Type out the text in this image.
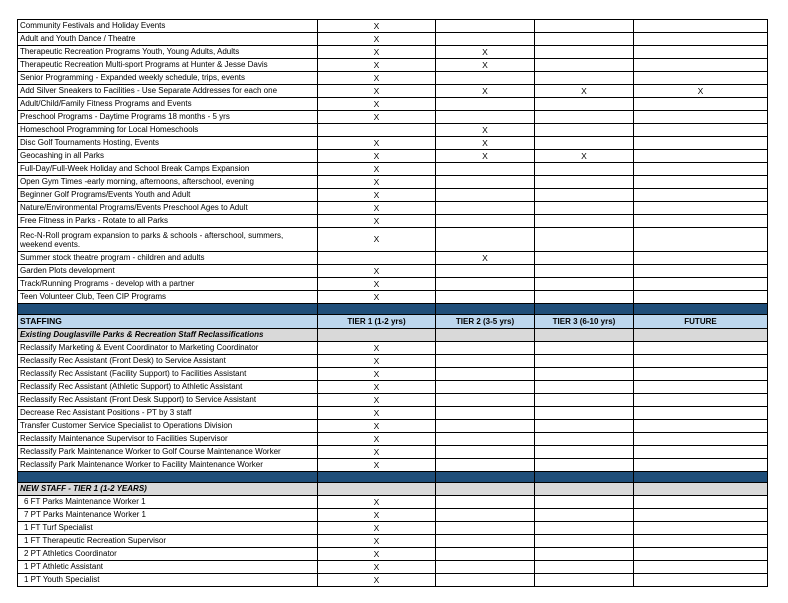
Community Festivals and Holiday Events	X			
Adult and Youth Dance / Theatre	X			
Therapeutic Recreation Programs Youth, Young Adults, Adults	X	X		
Therapeutic Recreation Multi-sport Programs at Hunter & Jesse Davis	X	X		
Senior Programming - Expanded weekly schedule, trips, events	X			
Add Silver Sneakers to Facilities - Use Separate Addresses for each one	X	X	X	X
Adult/Child/Family Fitness Programs and Events	X			
Preschool Programs - Daytime Programs 18 months - 5 yrs	X			
Homeschool Programming for Local Homeschools		X		
Disc Golf Tournaments Hosting, Events	X	X		
Geocashing in all Parks	X	X	X	
Full-Day/Full-Week Holiday and School Break Camps Expansion	X			
Open Gym Times -early morning, afternoons, afterschool, evening	X			
Beginner Golf Programs/Events Youth and Adult	X			
Nature/Environmental Programs/Events Preschool Ages to Adult	X			
Free Fitness in Parks - Rotate to all Parks	X			
Rec-N-Roll program expansion to parks & schools - afterschool, summers, weekend events.	X			
Summer stock theatre program - children and adults		X		
Garden Plots development	X			
Track/Running Programs - develop with a partner	X			
Teen Volunteer Club, Teen CIP Programs	X			

STAFFING	TIER 1 (1-2 yrs)	TIER 2 (3-5 yrs)	TIER 3 (6-10 yrs)	FUTURE
Existing Douglasville Parks & Recreation Staff Reclassifications				
Reclassify Marketing & Event Coordinator to Marketing Coordinator	X			
Reclassify Rec Assistant (Front Desk) to Service Assistant	X			
Reclassify Rec Assistant (Facility Support) to Facilities Assistant	X			
Reclassify Rec Assistant (Athletic Support) to Athletic Assistant	X			
Reclassify Rec Assistant (Front Desk Support) to Service Assistant	X			
Decrease Rec Assistant Positions - PT by 3 staff	X			
Transfer Customer Service Specialist to Operations Division	X			
Reclassify Maintenance Supervisor to Facilities Supervisor	X			
Reclassify Park Maintenance Worker to Golf Course Maintenance Worker	X			
Reclassify Park Maintenance Worker to Facility Maintenance Worker	X			

NEW STAFF - TIER 1 (1-2 YEARS)				
6 FT Parks Maintenance Worker 1	X			
7 PT Parks Maintenance Worker 1	X			
1 FT Turf Specialist	X			
1 FT Therapeutic Recreation Supervisor	X			
2 PT Athletics Coordinator	X			
1 PT Athletic Assistant	X			
1 PT Youth Specialist	X			
